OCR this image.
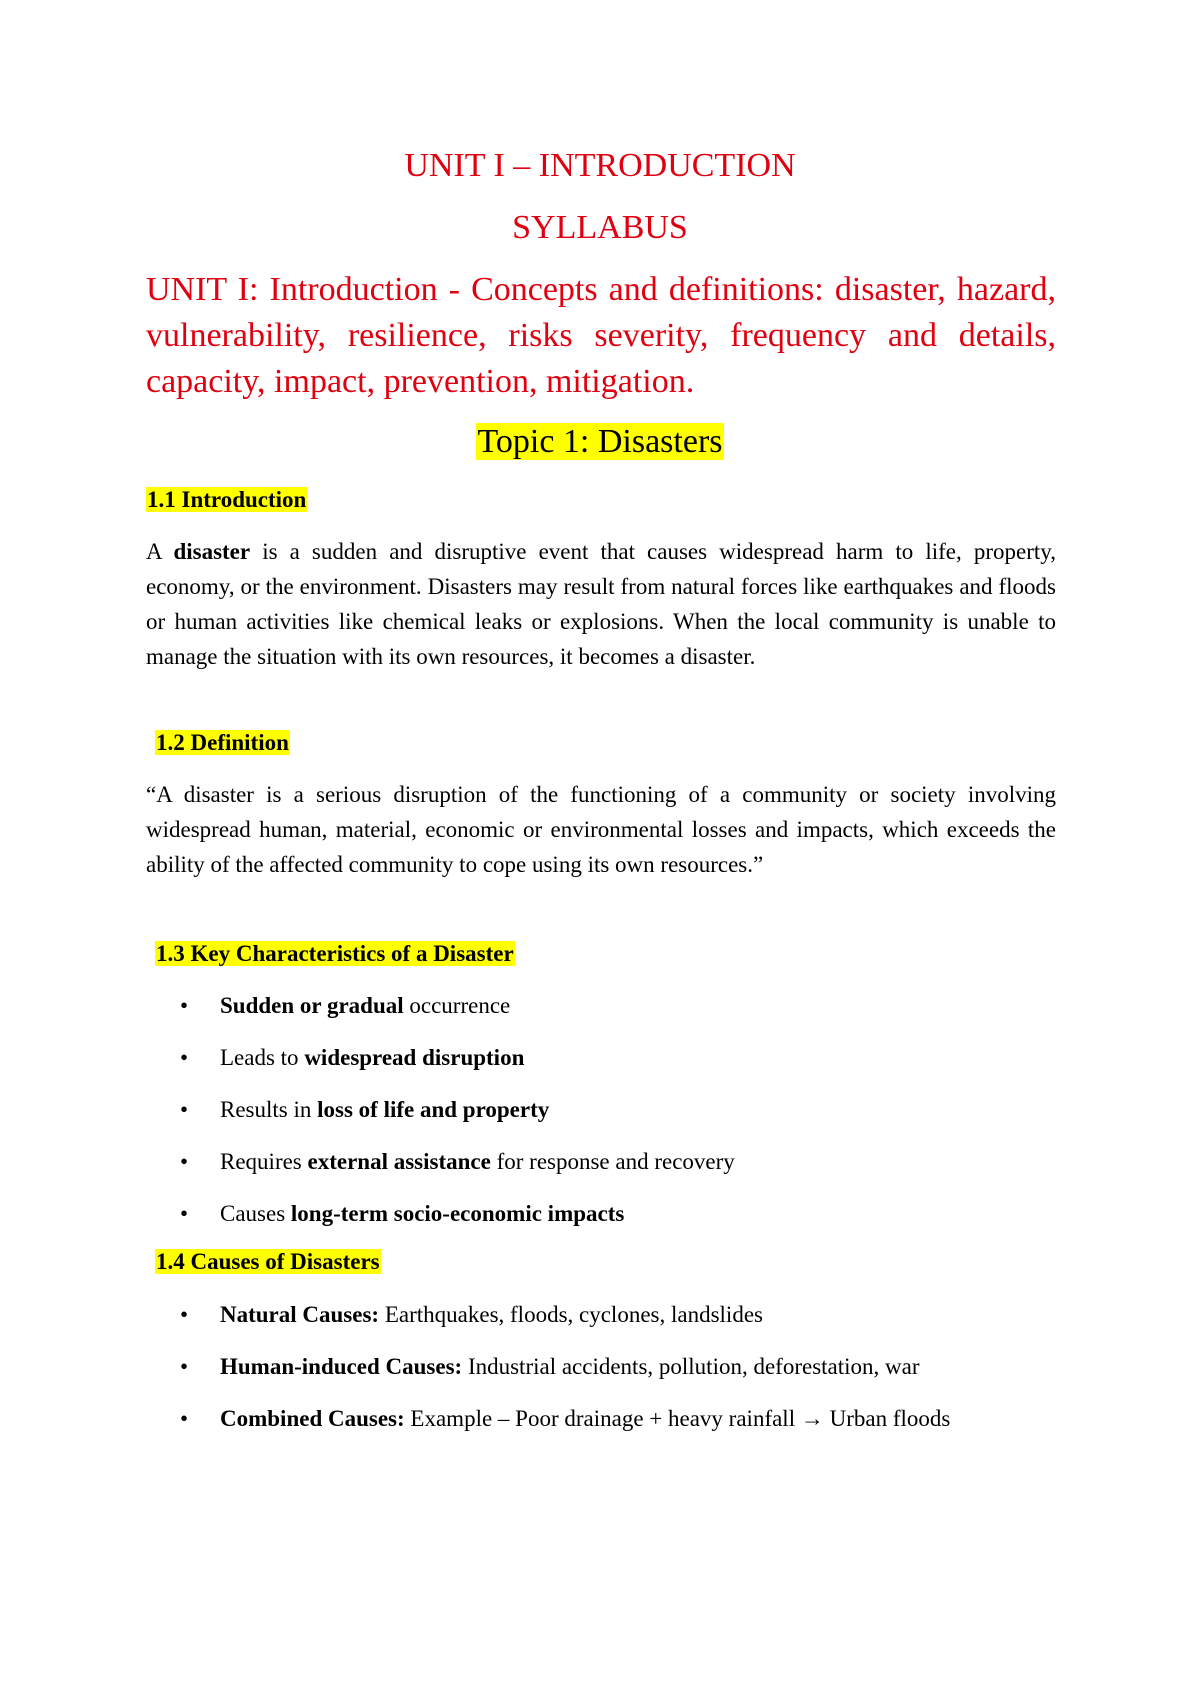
UNIT I – INTRODUCTION
SYLLABUS
UNIT I: Introduction - Concepts and definitions: disaster, hazard, vulnerability, resilience, risks severity, frequency and details, capacity, impact, prevention, mitigation.
Topic 1: Disasters
1.1 Introduction

A disaster is a sudden and disruptive event that causes widespread harm to life, property, economy, or the environment. Disasters may result from natural forces like earthquakes and floods or human activities like chemical leaks or explosions. When the local community is unable to manage the situation with its own resources, it becomes a disaster.

1.2 Definition

“A disaster is a serious disruption of the functioning of a community or society involving widespread human, material, economic or environmental losses and impacts, which exceeds the ability of the affected community to cope using its own resources.”

1.3 Key Characteristics of a Disaster
• Sudden or gradual occurrence
• Leads to widespread disruption
• Results in loss of life and property
• Requires external assistance for response and recovery
• Causes long-term socio-economic impacts
1.4 Causes of Disasters
• Natural Causes: Earthquakes, floods, cyclones, landslides
• Human-induced Causes: Industrial accidents, pollution, deforestation, war
• Combined Causes: Example – Poor drainage + heavy rainfall → Urban floods
